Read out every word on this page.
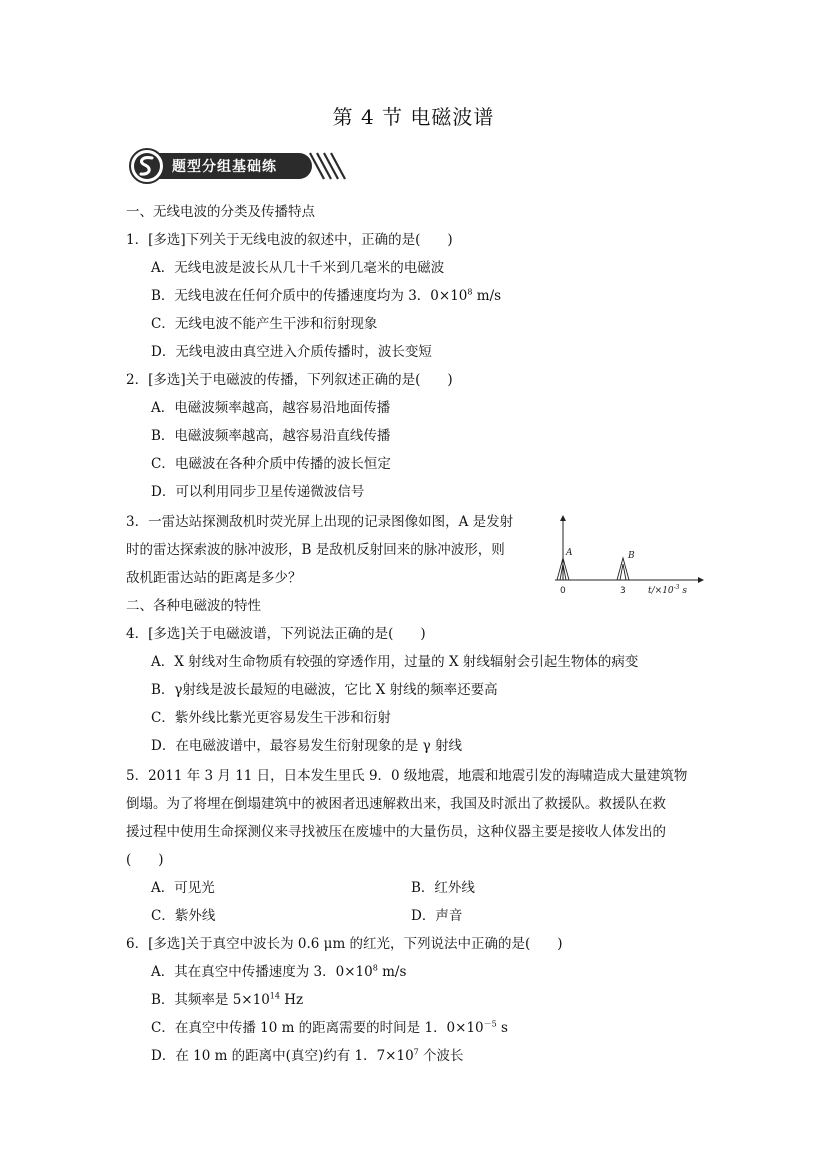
第 4 节 电磁波谱
题型分组基础练
一、无线电波的分类及传播特点
1．[多选]下列关于无线电波的叙述中，正确的是(　　)
A．无线电波是波长从几十千米到几毫米的电磁波
B．无线电波在任何介质中的传播速度均为 3．$0\times 10^8$ m/s
C．无线电波不能产生干涉和衍射现象
D．无线电波由真空进入介质传播时，波长变短
2．[多选]关于电磁波的传播，下列叙述正确的是(　　)
A．电磁波频率越高，越容易沿地面传播
B．电磁波频率越高，越容易沿直线传播
C．电磁波在各种介质中传播的波长恒定
D．可以利用同步卫星传递微波信号
3．一雷达站探测敌机时荧光屏上出现的记录图像如图，A 是发射
时的雷达探索波的脉冲波形，B 是敌机反射回来的脉冲波形，则
敌机距雷达站的距离是多少？
A	B
0	3 $t/\times 10^{-3}$ s
二、各种电磁波的特性
4．[多选]关于电磁波谱，下列说法正确的是(　　)
A．X 射线对生命物质有较强的穿透作用，过量的 X 射线辐射会引起生物体的病变
B．γ射线是波长最短的电磁波，它比 X 射线的频率还要高
C．紫外线比紫光更容易发生干涉和衍射
D．在电磁波谱中，最容易发生衍射现象的是 γ 射线
5．2011 年 3 月 11 日，日本发生里氏 9．0 级地震，地震和地震引发的海啸造成大量建筑物
倒塌。为了将埋在倒塌建筑中的被困者迅速解救出来，我国及时派出了救援队。救援队在救
援过程中使用生命探测仪来寻找被压在废墟中的大量伤员，这种仪器主要是接收人体发出的
(　　)
A．可见光	B．红外线
C．紫外线	D．声音
6．[多选]关于真空中波长为 0.6 μm 的红光，下列说法中正确的是(　　)
A．其在真空中传播速度为 3．$0\times 10^8$ m/s
B．其频率是 $5\times 10^{14}$ Hz
C．在真空中传播 10 m 的距离需要的时间是 1．$0\times 10^{-5}$ s
D．在 10 m 的距离中(真空)约有 1．$7\times 10^7$ 个波长
